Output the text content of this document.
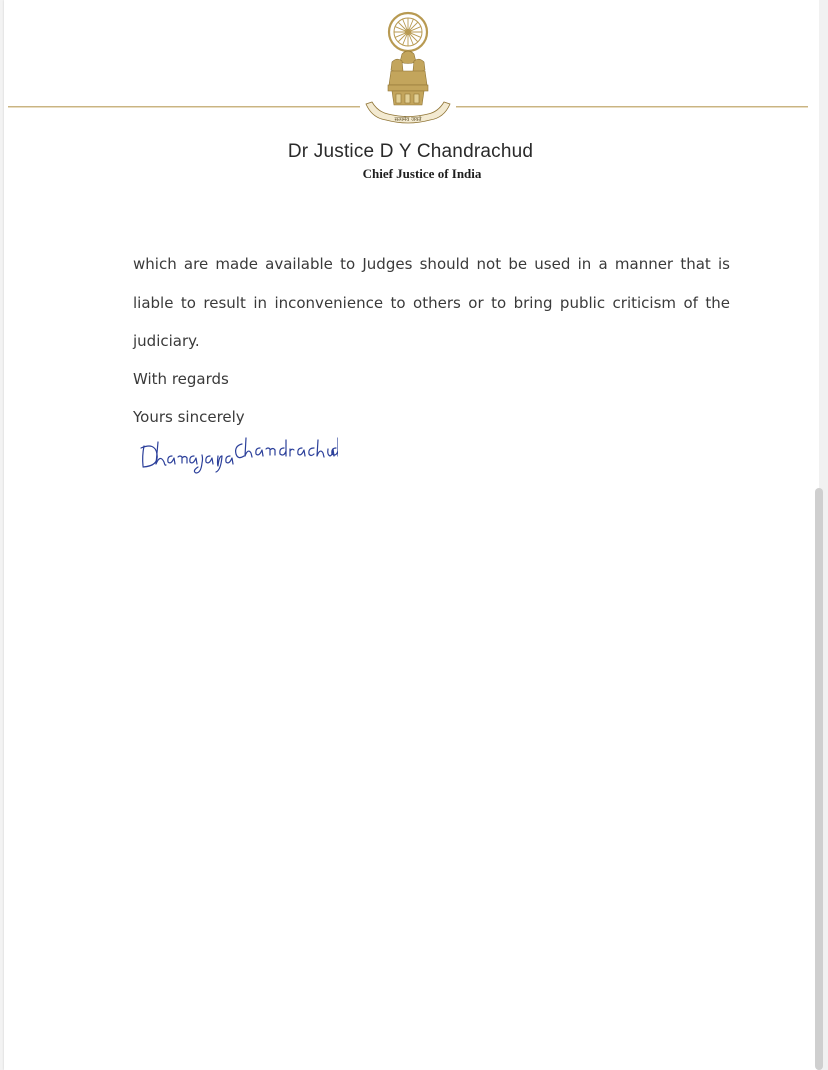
सत्यमेव जयते
Dr Justice D Y Chandrachud
Chief Justice of India
which are made available to Judges should not be used in a manner that is
liable to result in inconvenience to others or to bring public criticism of the
judiciary.
With regards
Yours sincerely
